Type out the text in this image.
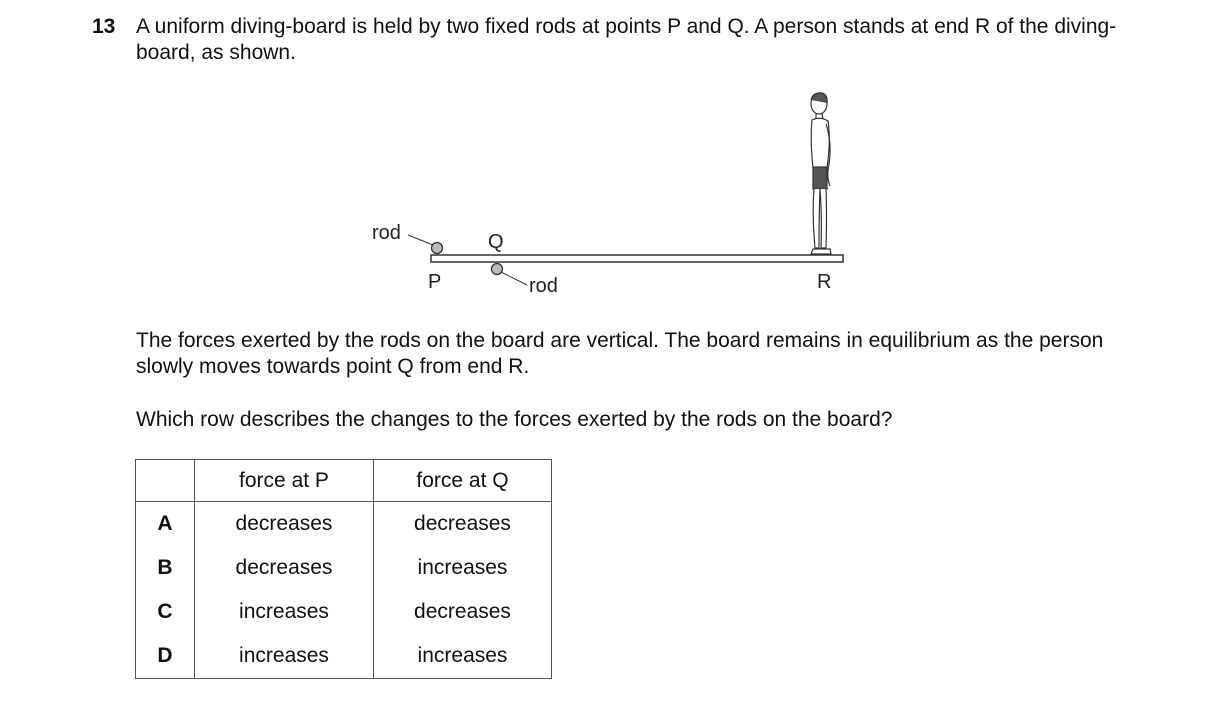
13 A uniform diving-board is held by two fixed rods at points P and Q. A person stands at end R of the diving-board, as shown.
rod
rod
P
Q
R
The forces exerted by the rods on the board are vertical. The board remains in equilibrium as the person slowly moves towards point Q from end R.
Which row describes the changes to the forces exerted by the rods on the board?
	force at P	force at Q
A	decreases	decreases
B	decreases	increases
C	increases	decreases
D	increases	increases
